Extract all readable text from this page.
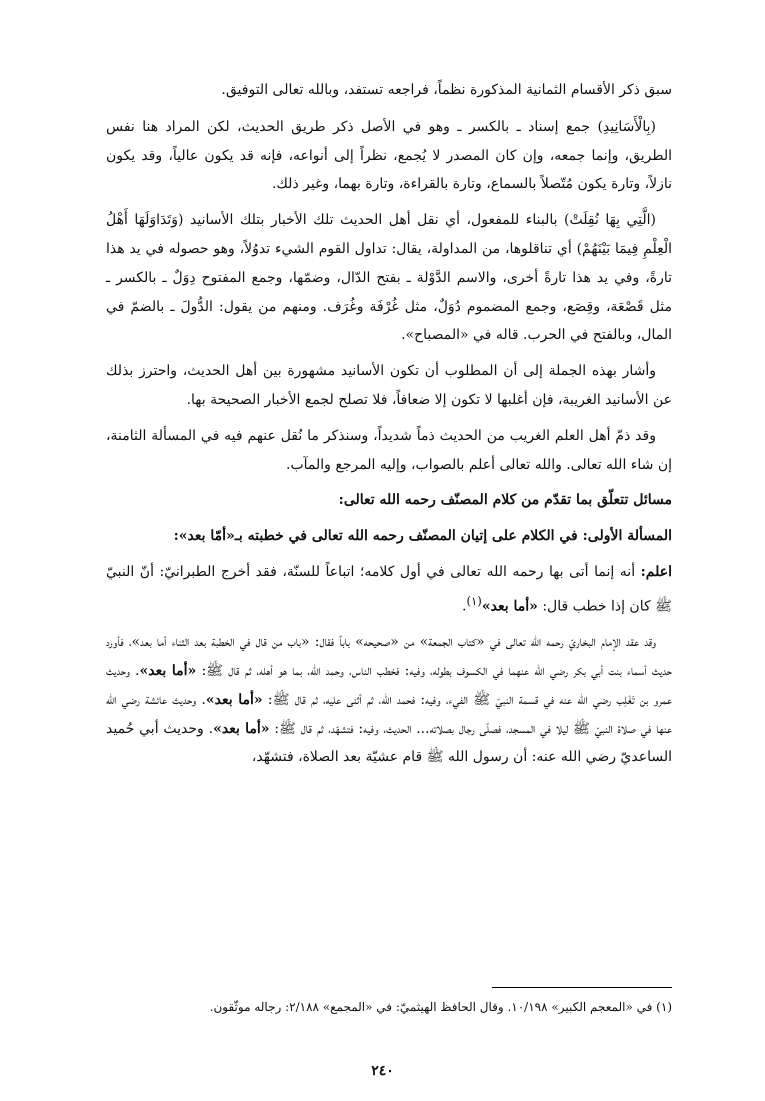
سبق ذكر الأقسام الثمانية المذكورة نظماً، فراجعه تستفد، وبالله تعالى التوفيق.

(بِالْأَسَانِيدِ) جمع إسناد ـ بالكسر ـ وهو في الأصل ذكر طريق الحديث، لكن المراد هنا نفس الطريق، وإنما جمعه، وإن كان المصدر لا يُجمع، نظراً إلى أنواعه، فإنه قد يكون عالياً، وقد يكون نازلاً، وتارة يكون مُتّصلاً بالسماع، وتارة بالقراءة، وتارة بهما، وغير ذلك.

(الَّتِي بِهَا نُقِلَتْ) بالبناء للمفعول، أي نقل أهل الحديث تلك الأخبار بتلك الأسانيد (وَتَدَاوَلَهَا أَهْلُ الْعِلْمِ فِيمَا بَيْنَهُمْ) أي تناقلوها، من المداولة، يقال: تداول القوم الشيء تدوُلاً، وهو حصوله في يد هذا تارةً، وفي يد هذا تارةً أخرى، والاسم الدَّوْلة ـ بفتح الدّال، وضمّها، وجمع المفتوح دِوَلٌ ـ بالكسر ـ مثل قَصْعَة، وقِصَع، وجمع المضموم دُوَلٌ، مثل غُرْفَة وغُرَف. ومنهم من يقول: الدُّولَ ـ بالضمّ في المال، وبالفتح في الحرب. قاله في «المصباح».

وأشار بهذه الجملة إلى أن المطلوب أن تكون الأسانيد مشهورة بين أهل الحديث، واحترز بذلك عن الأسانيد الغريبة، فإن أغلبها لا تكون إلا ضعافاً، فلا تصلح لجمع الأخبار الصحيحة بها.

وقد ذمّ أهل العلم الغريب من الحديث ذماً شديداً، وسنذكر ما نُقل عنهم فيه في المسألة الثامنة، إن شاء الله تعالى. والله تعالى أعلم بالصواب، وإليه المرجع والمآب.

مسائل تتعلّق بما تقدّم من كلام المصنّف رحمه الله تعالى:

المسألة الأولى: في الكلام على إتيان المصنّف رحمه الله تعالى في خطبته بـ«أمّا بعد»:

اعلم: أنه إنما أتى بها رحمه الله تعالى في أول كلامه؛ اتباعاً للسنّة، فقد أخرج الطبرانيّ: أنّ النبيّ ﷺ كان إذا خطب قال: «أما بعد»$^{(١)}$.

وقد عقد الإمام البخاريّ رحمه الله تعالى في «كتاب الجمعة» من «صحيحه» باباً فقال: «باب من قال في الخطبة بعد الثناء أما بعد»، فأورد حديث أسماء بنت أبي بكر رضي الله عنهما في الكسوف بطوله، وفيه: فخطب الناس، وحمد الله، بما هو أهله، ثم قال ﷺ: «أما بعد». وحديث عمرو بن تَغْلِب رضي الله عنه في قسمة النبيّ ﷺ الفيء، وفيه: فحمد الله، ثم أثنى عليه، ثم قال ﷺ: «أما بعد». وحديث عائشة رضي الله عنها في صلاة النبيّ ﷺ ليلا في المسجد، فصلّى رجال بصلاته... الحديث، وفيه: فتشهّد، ثم قال ﷺ: «أما بعد». وحديث أبي حُميد الساعديّ رضي الله عنه: أن رسول الله ﷺ قام عشيّة بعد الصلاة، فتشهّد،

(١) في «المعجم الكبير» ١٠/١٩٨. وقال الحافظ الهيثميّ: في «المجمع» ٢/١٨٨: رجاله موثّقون.
٢٤٠
